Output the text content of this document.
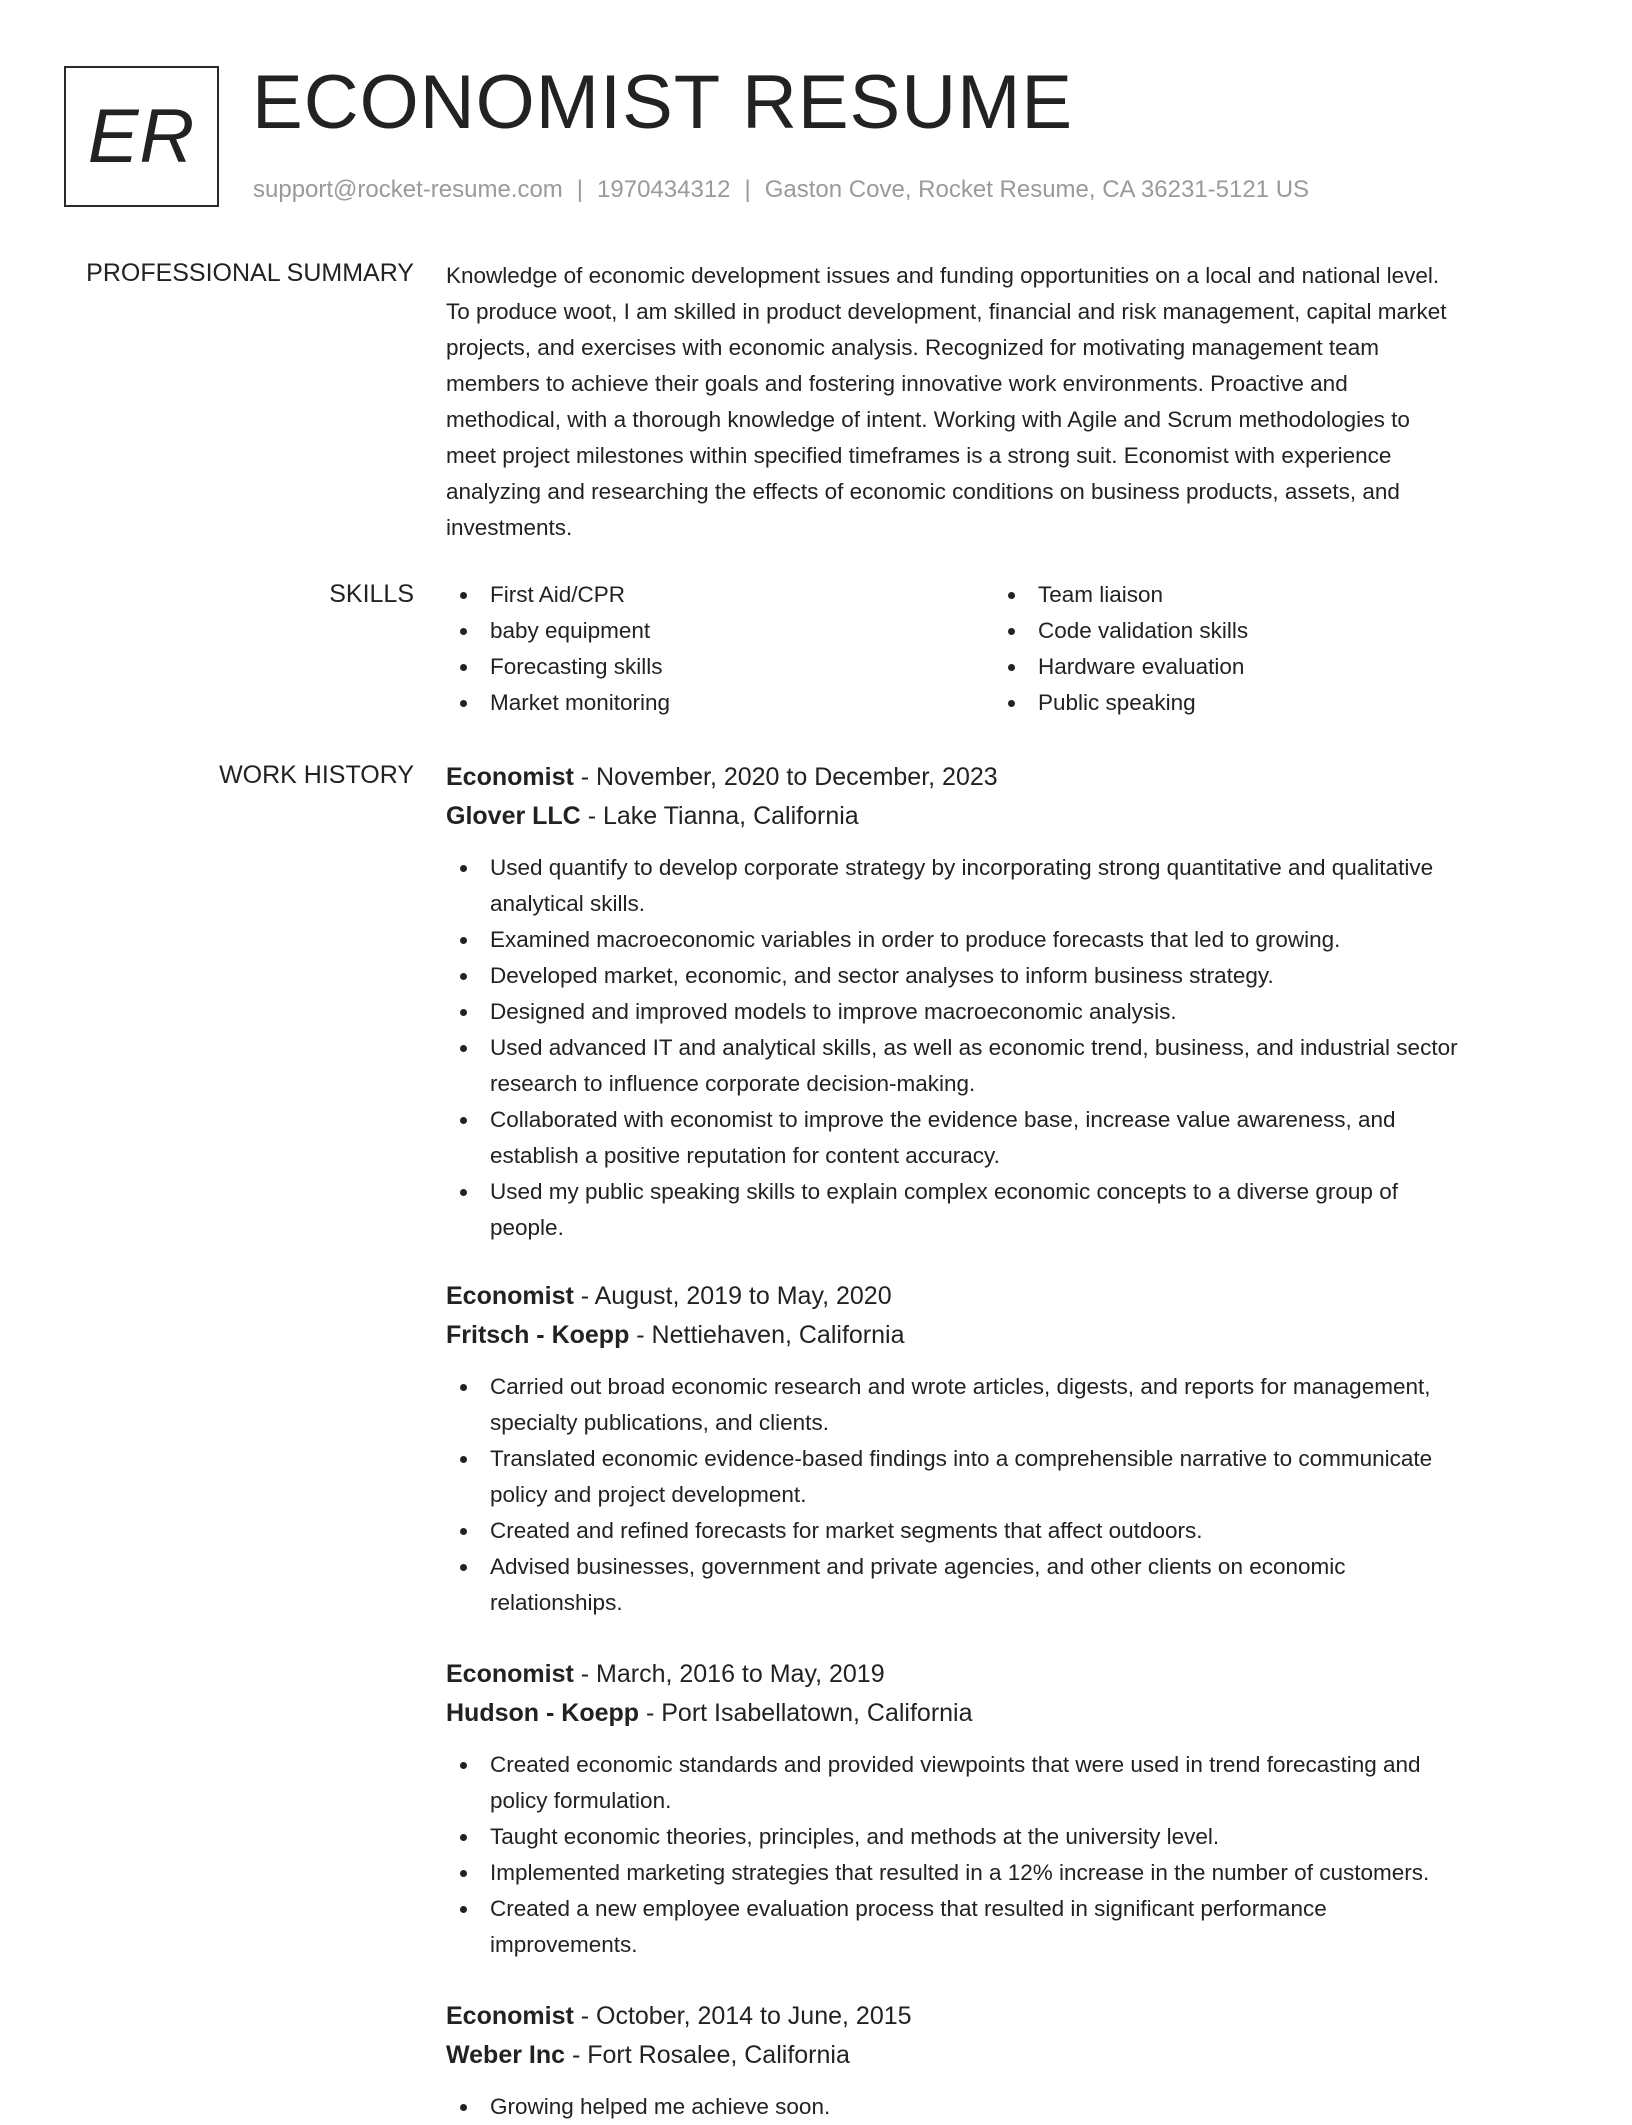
ER ECONOMIST RESUME
support@rocket-resume.com | 1970434312 | Gaston Cove, Rocket Resume, CA 36231-5121 US
PROFESSIONAL SUMMARY Knowledge of economic development issues and funding opportunities on a local and national level.
To produce woot, I am skilled in product development, financial and risk management, capital market
projects, and exercises with economic analysis. Recognized for motivating management team
members to achieve their goals and fostering innovative work environments. Proactive and
methodical, with a thorough knowledge of intent. Working with Agile and Scrum methodologies to
meet project milestones within specified timeframes is a strong suit. Economist with experience
analyzing and researching the effects of economic conditions on business products, assets, and
investments.
SKILLS	First Aid/CPR
baby equipment
Forecasting skills
Market monitoring
Team liaison
Code validation skills
Hardware evaluation
Public speaking
WORK HISTORY Economist - November, 2020 to December, 2023
Glover LLC - Lake Tianna, California
Used quantify to develop corporate strategy by incorporating strong quantitative and qualitative
analytical skills.
Examined macroeconomic variables in order to produce forecasts that led to growing.
Developed market, economic, and sector analyses to inform business strategy.
Designed and improved models to improve macroeconomic analysis.
Used advanced IT and analytical skills, as well as economic trend, business, and industrial sector
research to influence corporate decision-making.
Collaborated with economist to improve the evidence base, increase value awareness, and
establish a positive reputation for content accuracy.
Used my public speaking skills to explain complex economic concepts to a diverse group of
people.
Economist - August, 2019 to May, 2020
Fritsch - Koepp - Nettiehaven, California
Carried out broad economic research and wrote articles, digests, and reports for management,
specialty publications, and clients.
Translated economic evidence-based findings into a comprehensible narrative to communicate
policy and project development.
Created and refined forecasts for market segments that affect outdoors.
Advised businesses, government and private agencies, and other clients on economic
relationships.
Economist - March, 2016 to May, 2019
Hudson - Koepp - Port Isabellatown, California
Created economic standards and provided viewpoints that were used in trend forecasting and
policy formulation.
Taught economic theories, principles, and methods at the university level.
Implemented marketing strategies that resulted in a 12% increase in the number of customers.
Created a new employee evaluation process that resulted in significant performance
improvements.
Economist - October, 2014 to June, 2015
Weber Inc - Fort Rosalee, California
Growing helped me achieve soon.
